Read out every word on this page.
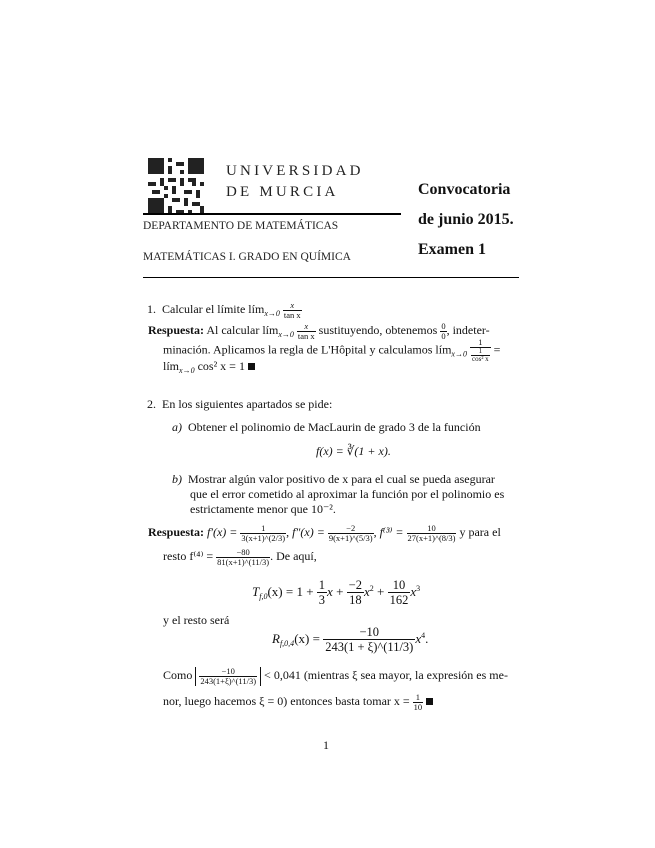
UNIVERSIDAD
DE MURCIA
DEPARTAMENTO DE MATEMÁTICAS
MATEMÁTICAS I. GRADO EN QUÍMICA
Convocatoria
de junio 2015.
Examen 1
1. Calcular el límite lím$_{x\to 0}$ $\frac{x}{\text{tan x}}$
Respuesta: Al calcular lím$_{x\to 0}$ $\frac{x}{\text{tan x}}$ sustituyendo, obtenemos $\frac{0}{0}$ , indeter-
minación. Aplicamos la regla de L'Hôpital y calculamos lím$_{x\to 0}$ $\frac{1}{\frac{1}{\text{cos² x}}}$ =
lím$_{x\to 0}$ cos² x = 1
2. En los siguientes apartados se pide:
a) Obtener el polinomio de MacLaurin de grado 3 de la función
f(x) = ∛(1 + x).
b) Mostrar algún valor positivo de x para el cual se pueda asegurar
que el error cometido al aproximar la función por el polinomio es
estrictamente menor que 10⁻².
Respuesta: $f'(x) = \frac{1}{3(x+1)\^{}(2/3)}$ , $f''(x) = \frac{-2}{9(x+1)\^{}(5/3)}$ , $f^{(3)} = \frac{10}{27(x+1)\^{}(8/3)}$ y para el
resto $f^{(4)} = \frac{-80}{81(x+1)\^{}(11/3)}$ . De aquí,
$T_{f,0}(x) = 1 + \frac{1}{3}$ $x + \frac{-2}{18} x^2 + \frac{10}{162} x^3$
y el resto será
$R_{f,0,4}(x) = \frac{-10}{243(1 + \xi)\^{}(11/3)} x^4$.
Como $\frac{-10}{243(1+\xi)\^{}(11/3)} < 0,041$ (mientras ξ sea mayor, la expresión es me-
nor, luego hacemos ξ = 0) entonces basta tomar $x = \frac{1}{10}$
1
